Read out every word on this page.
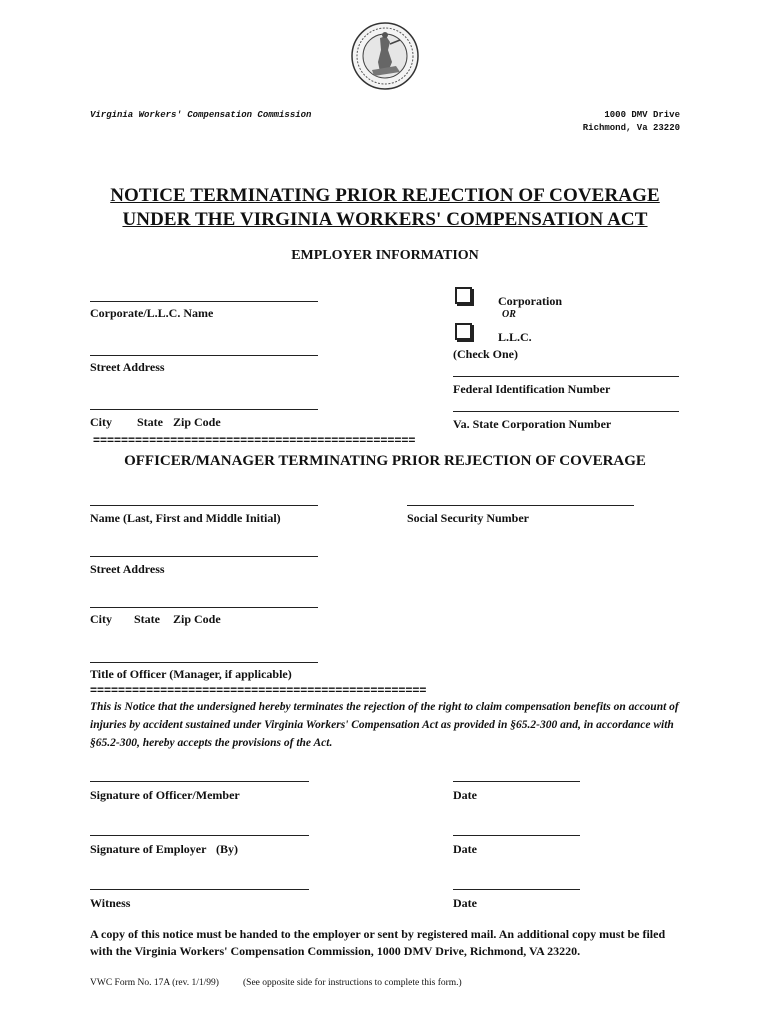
Virginia Workers' Compensation Commission	1000 DMV Drive
Richmond, Va 23220
NOTICE TERMINATING PRIOR REJECTION OF COVERAGE
UNDER THE VIRGINIA WORKERS' COMPENSATION ACT
EMPLOYER INFORMATION
Corporate/L.L.C. Name
Street Address
City State Zip Code
Corporation
OR
L.L.C.
(Check One)
Federal Identification Number
Va. State Corporation Number
==============================================
OFFICER/MANAGER TERMINATING PRIOR REJECTION OF COVERAGE
Name (Last, First and Middle Initial)	Social Security Number
Street Address
City State Zip Code
Title of Officer (Manager, if applicable)
================================================
This is Notice that the undersigned hereby terminates the rejection of the right to claim compensation benefits on account of injuries by accident sustained under Virginia Workers' Compensation Act as provided in §65.2-300 and, in accordance with §65.2-300, hereby accepts the provisions of the Act.
Signature of Officer/Member	Date
Signature of Employer (By)	Date
Witness	Date
A copy of this notice must be handed to the employer or sent by registered mail. An additional copy must be filed with the Virginia Workers' Compensation Commission, 1000 DMV Drive, Richmond, VA 23220.
VWC Form No. 17A (rev. 1/1/99)	(See opposite side for instructions to complete this form.)
